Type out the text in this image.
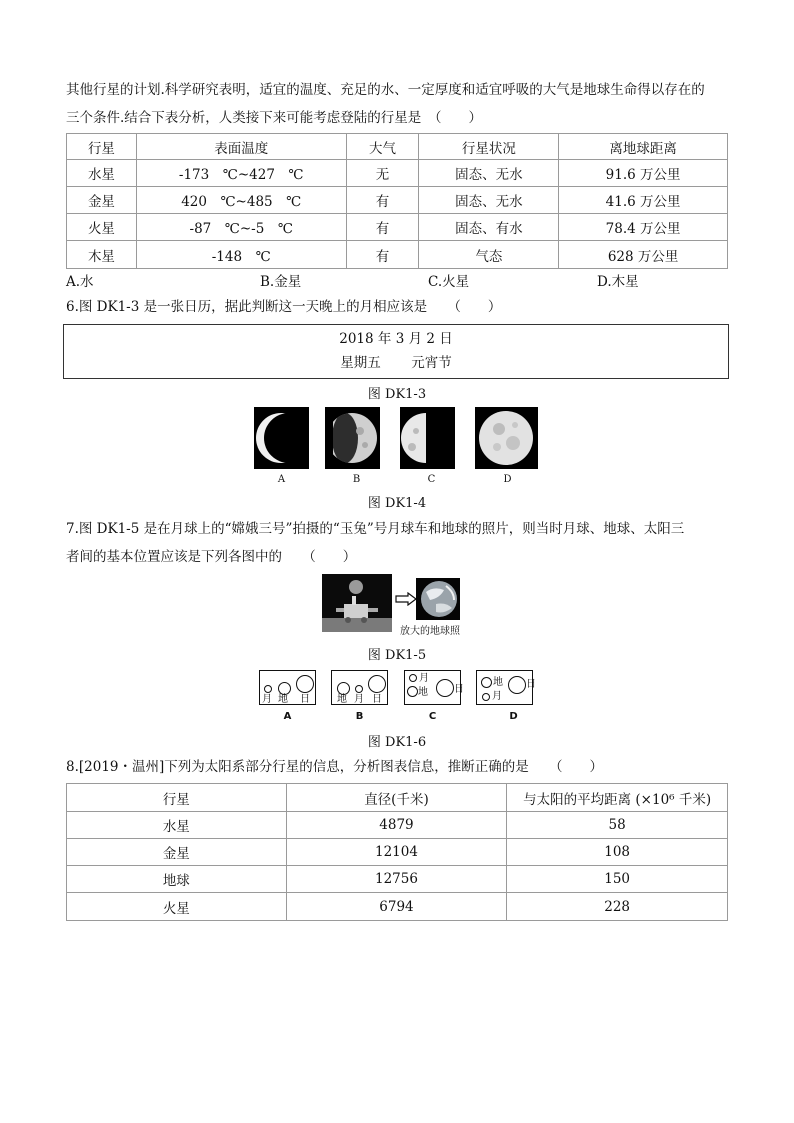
其他行星的计划.科学研究表明，适宜的温度、充足的水、一定厚度和适宜呼吸的大气是地球生命得以存在的
三个条件.结合下表分析，人类接下来可能考虑登陆的行星是　（　　）
行星	表面温度	大气	行星状况	离地球距离
水星	-173　℃~427　℃	无	固态、无水	91.6 万公里
金星	420　℃~485　℃	有	固态、无水	41.6 万公里
火星	-87　℃~-5　℃	有	固态、有水	78.4 万公里
木星	-148　℃	有	气态	628 万公里
A.水	B.金星	C.火星	D.木星
6.图 DK1-3 是一张日历，据此判断这一天晚上的月相应该是　　（　　）
2018 年 3 月 2 日
星期五 元宵节
图 DK1-3
A	B	C	D
图 DK1-4
7.图 DK1-5 是在月球上的“嫦娥三号”拍摄的“玉兔”号月球车和地球的照片，则当时月球、地球、太阳三
者间的基本位置应该是下列各图中的　　（　　）
放大的地球照
图 DK1-5
月 地 日	地 月 日
月
地	日
地
月
日
A	B	C	D
图 DK1-6
8.[2019・温州]下列为太阳系部分行星的信息，分析图表信息，推断正确的是　　（　　）
行星	直径(千米)	与太阳的平均距离 (×10⁶ 千米)
水星	4879	58
金星	12104	108
地球	12756	150
火星	6794	228
